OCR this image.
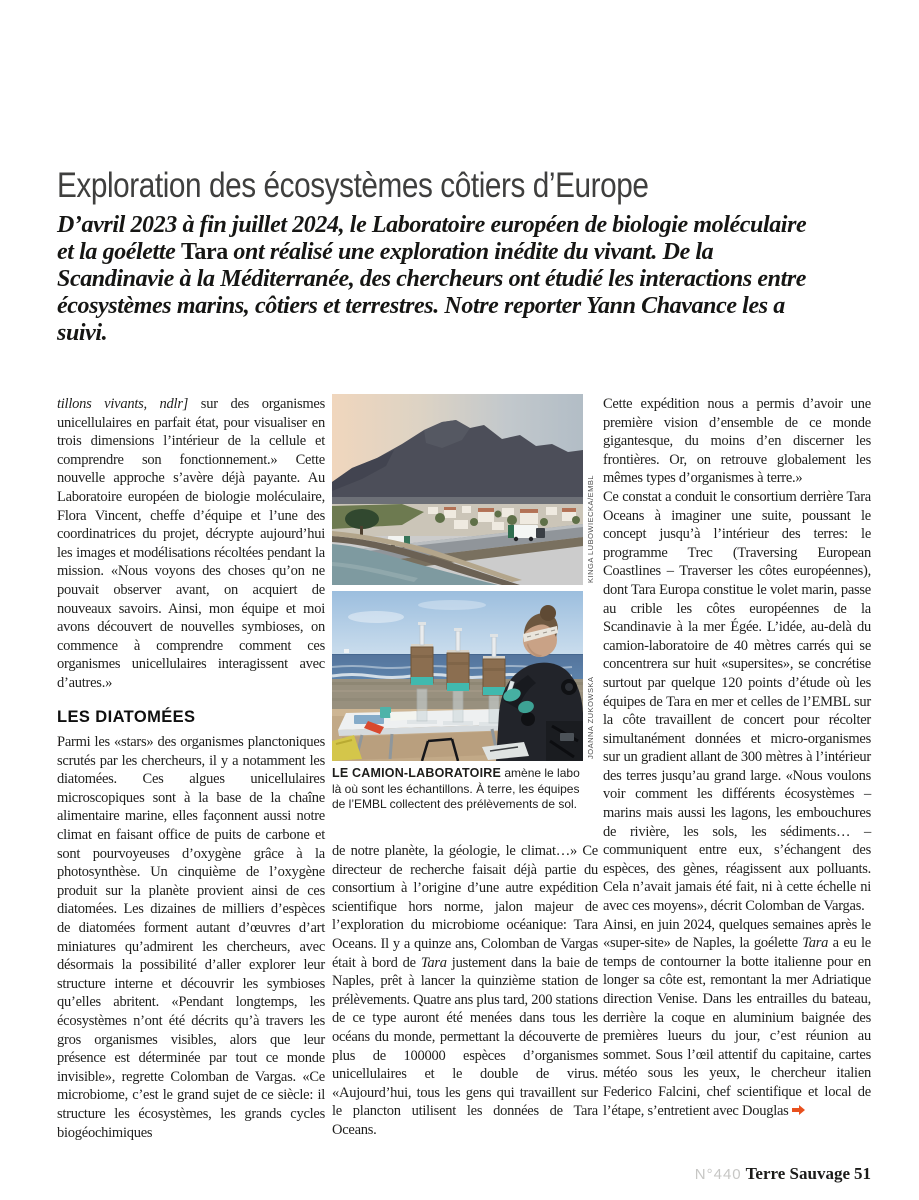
Exploration des écosystèmes côtiers d’Europe
D’avril 2023 à fin juillet 2024, le Laboratoire européen de biologie moléculaire et la goélette Tara ont réalisé une exploration inédite du vivant. De la Scandinavie à la Méditerranée, des chercheurs ont étudié les interactions entre écosystèmes marins, côtiers et terrestres. Notre reporter Yann Chavance les a suivi.

tillons vivants, ndlr] sur des organismes unicellulaires en parfait état, pour visualiser en trois dimensions l’intérieur de la cellule et comprendre son fonctionnement.» Cette nouvelle approche s’avère déjà payante. Au Laboratoire européen de biologie moléculaire, Flora Vincent, cheffe d’équipe et l’une des coordinatrices du projet, décrypte aujourd’hui les images et modélisations récoltées pendant la mission. «Nous voyons des choses qu’on ne pouvait observer avant, on acquiert de nouveaux savoirs. Ainsi, mon équipe et moi avons découvert de nouvelles symbioses, on commence à comprendre comment ces organismes unicellulaires interagissent avec d’autres.»

LES DIATOMÉES

Parmi les «stars» des organismes planctoniques scrutés par les chercheurs, il y a notamment les diatomées. Ces algues unicellulaires microscopiques sont à la base de la chaîne alimentaire marine, elles façonnent aussi notre climat en faisant office de puits de carbone et sont pourvoyeuses d’oxygène grâce à la photosynthèse. Un cinquième de l’oxygène produit sur la planète provient ainsi de ces diatomées. Les dizaines de milliers d’espèces de diatomées forment autant d’œuvres d’art miniatures qu’admirent les chercheurs, avec désormais la possibilité d’aller explorer leur structure interne et découvrir les symbioses qu’elles abritent. «Pendant longtemps, les écosystèmes n’ont été décrits qu’à travers les gros organismes visibles, alors que leur présence est déterminée par tout ce monde invisible», regrette Colomban de Vargas. «Ce microbiome, c’est le grand sujet de ce siècle: il structure les écosystèmes, les grands cycles biogéochimiques

KINGA LUBOWIECKA/EMBL
JOANNA ZUKOWSKA
LE CAMION-LABORATOIRE amène le labo là où sont les échantillons. À terre, les équipes de l’EMBL collectent des prélèvements de sol.

de notre planète, la géologie, le climat…» Ce directeur de recherche faisait déjà partie du consortium à l’origine d’une autre expédition scientifique hors norme, jalon majeur de l’exploration du microbiome océanique: Tara Oceans. Il y a quinze ans, Colomban de Vargas était à bord de Tara justement dans la baie de Naples, prêt à lancer la quinzième station de prélèvements. Quatre ans plus tard, 200 stations de ce type auront été menées dans tous les océans du monde, permettant la découverte de plus de 100000 espèces d’organismes unicellulaires et le double de virus. «Aujourd’hui, tous les gens qui travaillent sur le plancton utilisent les données de Tara Oceans.

Cette expédition nous a permis d’avoir une première vision d’ensemble de ce monde gigantesque, du moins d’en discerner les frontières. Or, on retrouve globalement les mêmes types d’organismes à terre.»

Ce constat a conduit le consortium derrière Tara Oceans à imaginer une suite, poussant le concept jusqu’à l’intérieur des terres: le programme Trec (Traversing European Coastlines – Traverser les côtes européennes), dont Tara Europa constitue le volet marin, passe au crible les côtes européennes de la Scandinavie à la mer Égée. L’idée, au-delà du camion-laboratoire de 40 mètres carrés qui se concentrera sur huit «supersites», se concrétise surtout par quelque 120 points d’étude où les équipes de Tara en mer et celles de l’EMBL sur la côte travaillent de concert pour récolter simultanément données et micro-organismes sur un gradient allant de 300 mètres à l’intérieur des terres jusqu’au grand large. «Nous voulons voir comment les différents écosystèmes – marins mais aussi les lagons, les embouchures de rivière, les sols, les sédiments… – communiquent entre eux, s’échangent des espèces, des gènes, réagissent aux polluants. Cela n’avait jamais été fait, ni à cette échelle ni avec ces moyens», décrit Colomban de Vargas.

Ainsi, en juin 2024, quelques semaines après le «super-site» de Naples, la goélette Tara a eu le temps de contourner la botte italienne pour en longer sa côte est, remontant la mer Adriatique direction Venise. Dans les entrailles du bateau, derrière la coque en aluminium baignée des premières lueurs du jour, c’est réunion au sommet. Sous l’œil attentif du capitaine, cartes météo sous les yeux, le chercheur italien Federico Falcini, chef scientifique et local de l’étape, s’entretient avec Douglas

N°440 Terre Sauvage 51
